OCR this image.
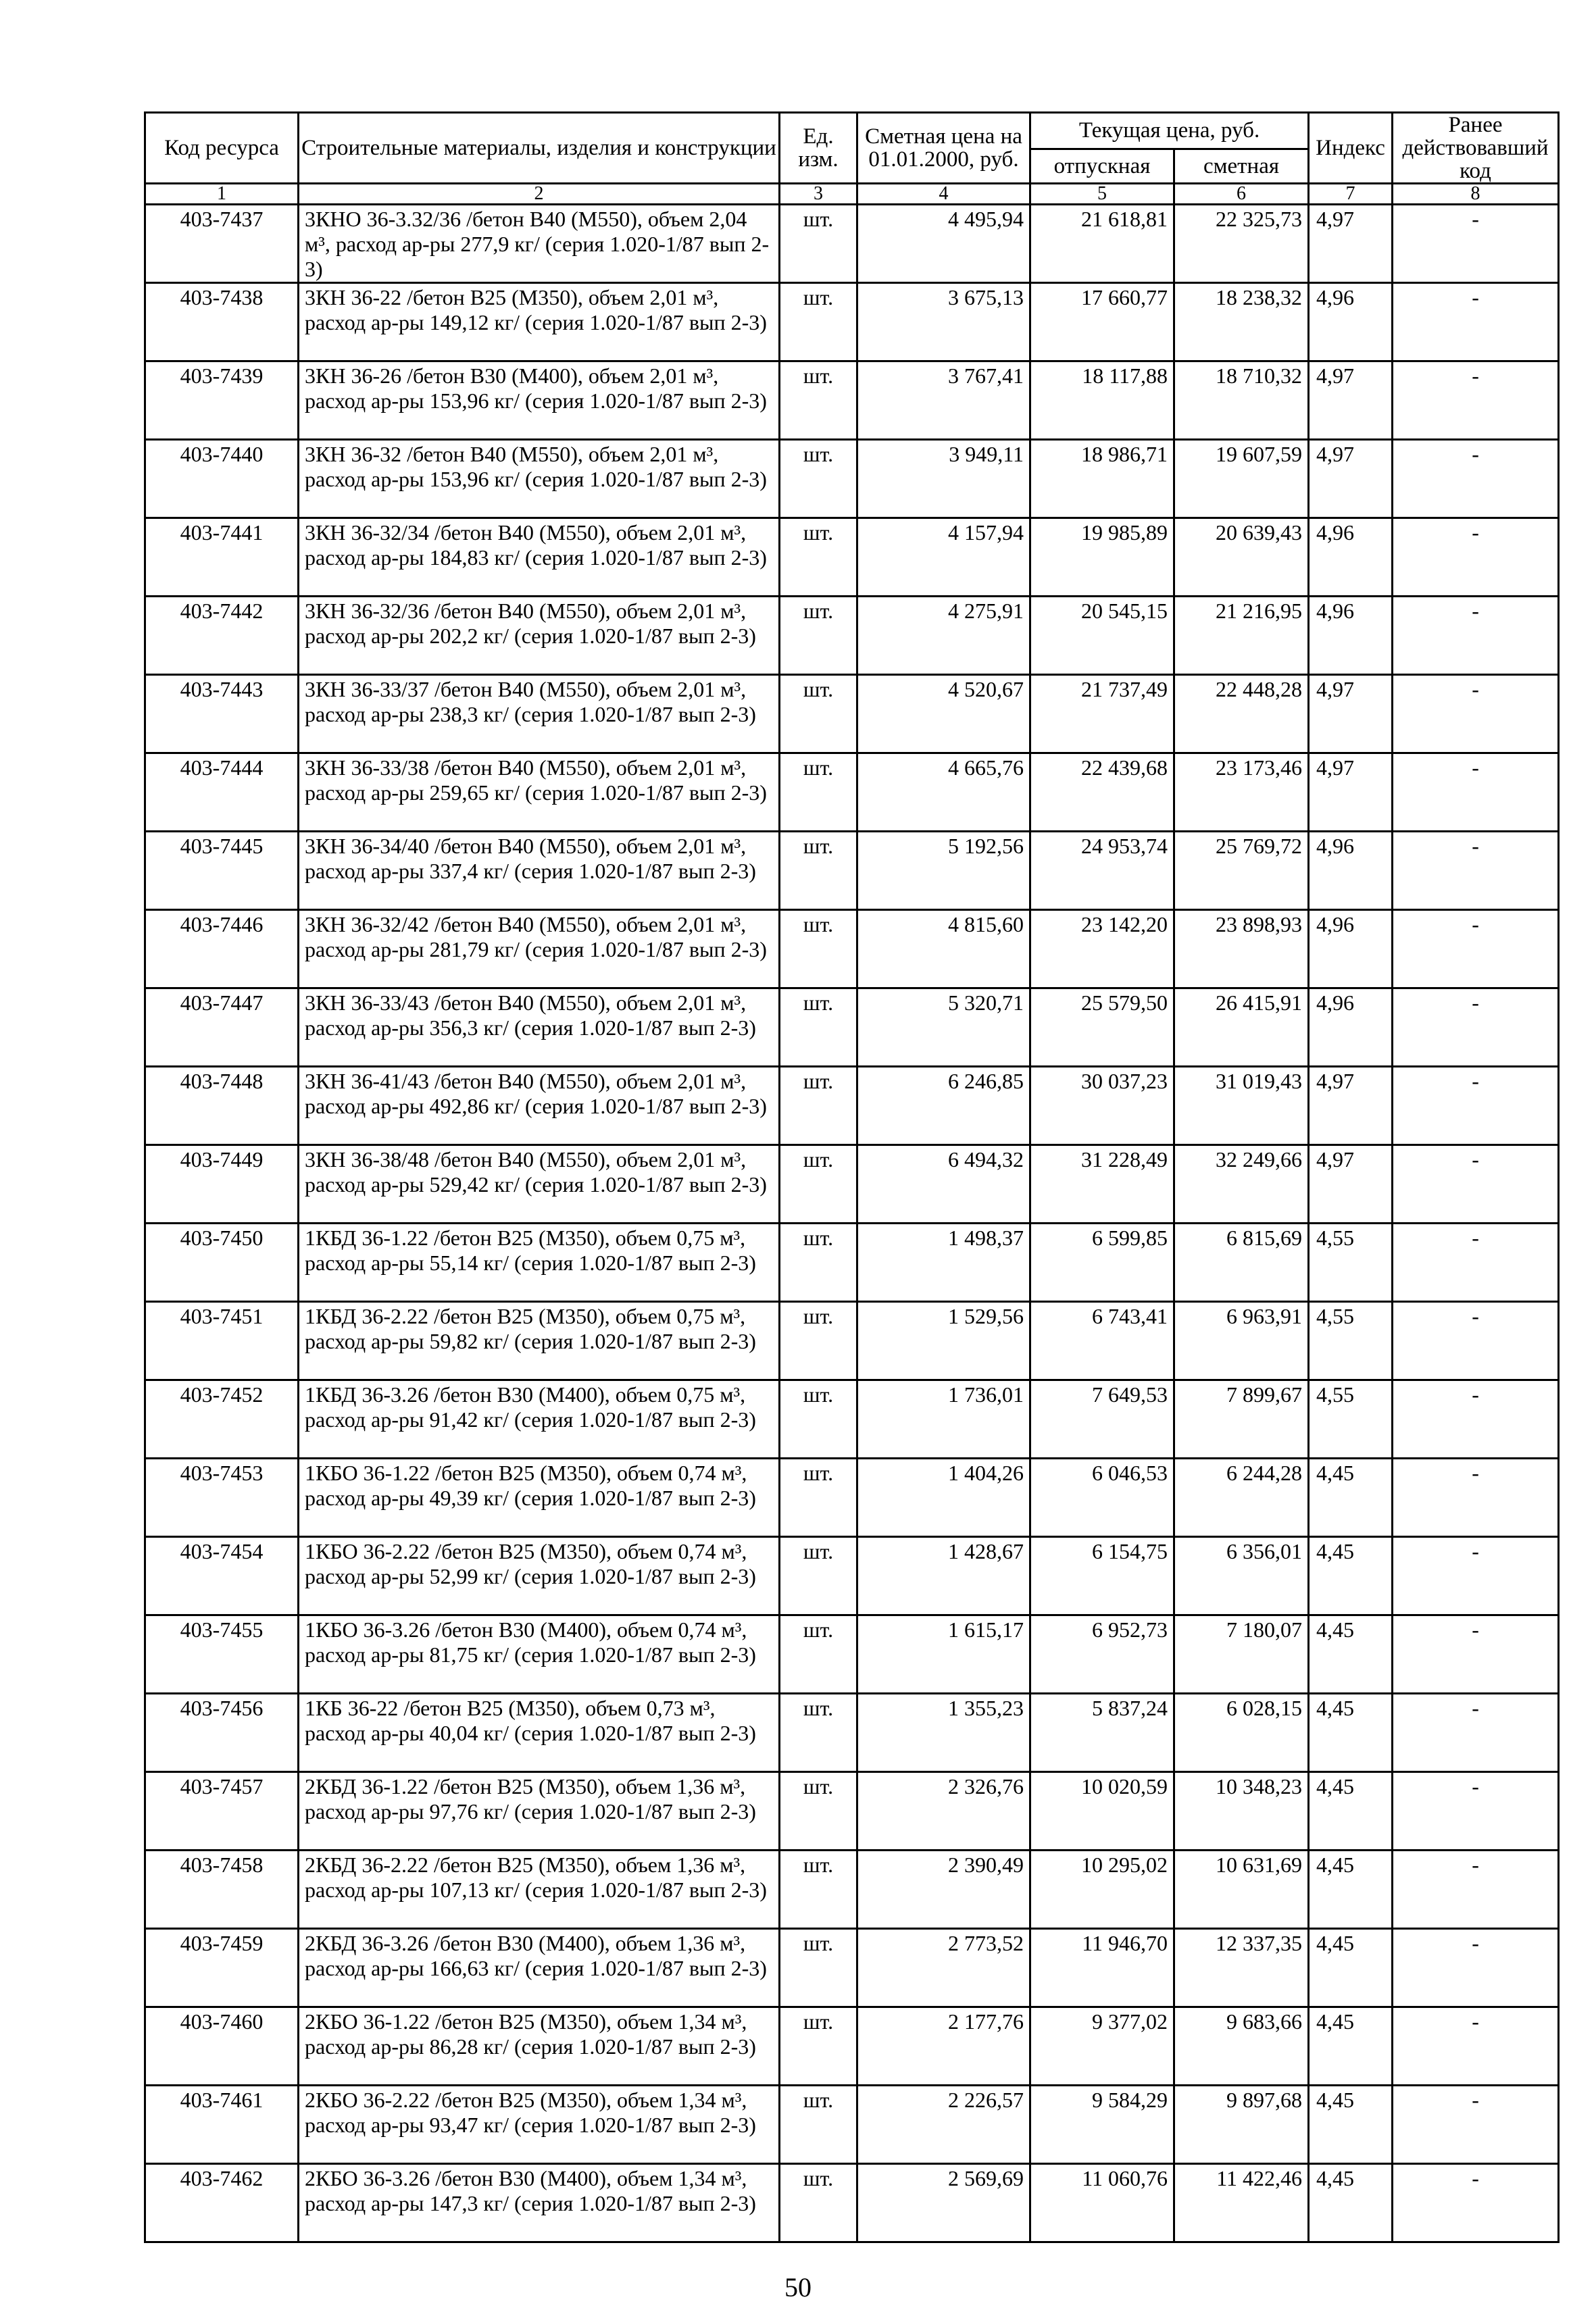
Код ресурса	Строительные материалы, изделия и конструкции	Ед. изм.	Сметная цена на 01.01.2000, руб.	Текущая цена, руб.		Индекс	Ранее действовавший код
				отпускная	сметная		
1	2	3	4	5	6	7	8
403-7437	3КНО 36-3.32/36 /бетон В40 (М550), объем 2,04 м³, расход ар-ры 277,9 кг/ (серия 1.020-1/87 вып 2-3)	шт.	4 495,94	21 618,81	22 325,73	4,97	-
403-7438	3КН 36-22 /бетон В25 (М350), объем 2,01 м³, расход ар-ры 149,12 кг/ (серия 1.020-1/87 вып 2-3)	шт.	3 675,13	17 660,77	18 238,32	4,96	-
403-7439	3КН 36-26 /бетон В30 (М400), объем 2,01 м³, расход ар-ры 153,96 кг/ (серия 1.020-1/87 вып 2-3)	шт.	3 767,41	18 117,88	18 710,32	4,97	-
403-7440	3КН 36-32 /бетон В40 (М550), объем 2,01 м³, расход ар-ры 153,96 кг/ (серия 1.020-1/87 вып 2-3)	шт.	3 949,11	18 986,71	19 607,59	4,97	-
403-7441	3КН 36-32/34 /бетон В40 (М550), объем 2,01 м³, расход ар-ры 184,83 кг/ (серия 1.020-1/87 вып 2-3)	шт.	4 157,94	19 985,89	20 639,43	4,96	-
403-7442	3КН 36-32/36 /бетон В40 (М550), объем 2,01 м³, расход ар-ры 202,2 кг/ (серия 1.020-1/87 вып 2-3)	шт.	4 275,91	20 545,15	21 216,95	4,96	-
403-7443	3КН 36-33/37 /бетон В40 (М550), объем 2,01 м³, расход ар-ры 238,3 кг/ (серия 1.020-1/87 вып 2-3)	шт.	4 520,67	21 737,49	22 448,28	4,97	-
403-7444	3КН 36-33/38 /бетон В40 (М550), объем 2,01 м³, расход ар-ры 259,65 кг/ (серия 1.020-1/87 вып 2-3)	шт.	4 665,76	22 439,68	23 173,46	4,97	-
403-7445	3КН 36-34/40 /бетон В40 (М550), объем 2,01 м³, расход ар-ры 337,4 кг/ (серия 1.020-1/87 вып 2-3)	шт.	5 192,56	24 953,74	25 769,72	4,96	-
403-7446	3КН 36-32/42 /бетон В40 (М550), объем 2,01 м³, расход ар-ры 281,79 кг/ (серия 1.020-1/87 вып 2-3)	шт.	4 815,60	23 142,20	23 898,93	4,96	-
403-7447	3КН 36-33/43 /бетон В40 (М550), объем 2,01 м³, расход ар-ры 356,3 кг/ (серия 1.020-1/87 вып 2-3)	шт.	5 320,71	25 579,50	26 415,91	4,96	-
403-7448	3КН 36-41/43 /бетон В40 (М550), объем 2,01 м³, расход ар-ры 492,86 кг/ (серия 1.020-1/87 вып 2-3)	шт.	6 246,85	30 037,23	31 019,43	4,97	-
403-7449	3КН 36-38/48 /бетон В40 (М550), объем 2,01 м³, расход ар-ры 529,42 кг/ (серия 1.020-1/87 вып 2-3)	шт.	6 494,32	31 228,49	32 249,66	4,97	-
403-7450	1КБД 36-1.22 /бетон В25 (М350), объем 0,75 м³, расход ар-ры 55,14 кг/ (серия 1.020-1/87 вып 2-3)	шт.	1 498,37	6 599,85	6 815,69	4,55	-
403-7451	1КБД 36-2.22 /бетон В25 (М350), объем 0,75 м³, расход ар-ры 59,82 кг/ (серия 1.020-1/87 вып 2-3)	шт.	1 529,56	6 743,41	6 963,91	4,55	-
403-7452	1КБД 36-3.26 /бетон В30 (М400), объем 0,75 м³, расход ар-ры 91,42 кг/ (серия 1.020-1/87 вып 2-3)	шт.	1 736,01	7 649,53	7 899,67	4,55	-
403-7453	1КБО 36-1.22 /бетон В25 (М350), объем 0,74 м³, расход ар-ры 49,39 кг/ (серия 1.020-1/87 вып 2-3)	шт.	1 404,26	6 046,53	6 244,28	4,45	-
403-7454	1КБО 36-2.22 /бетон В25 (М350), объем 0,74 м³, расход ар-ры 52,99 кг/ (серия 1.020-1/87 вып 2-3)	шт.	1 428,67	6 154,75	6 356,01	4,45	-
403-7455	1КБО 36-3.26 /бетон В30 (М400), объем 0,74 м³, расход ар-ры 81,75 кг/ (серия 1.020-1/87 вып 2-3)	шт.	1 615,17	6 952,73	7 180,07	4,45	-
403-7456	1КБ 36-22 /бетон В25 (М350), объем 0,73 м³, расход ар-ры 40,04 кг/ (серия 1.020-1/87 вып 2-3)	шт.	1 355,23	5 837,24	6 028,15	4,45	-
403-7457	2КБД 36-1.22 /бетон В25 (М350), объем 1,36 м³, расход ар-ры 97,76 кг/ (серия 1.020-1/87 вып 2-3)	шт.	2 326,76	10 020,59	10 348,23	4,45	-
403-7458	2КБД 36-2.22 /бетон В25 (М350), объем 1,36 м³, расход ар-ры 107,13 кг/ (серия 1.020-1/87 вып 2-3)	шт.	2 390,49	10 295,02	10 631,69	4,45	-
403-7459	2КБД 36-3.26 /бетон В30 (М400), объем 1,36 м³, расход ар-ры 166,63 кг/ (серия 1.020-1/87 вып 2-3)	шт.	2 773,52	11 946,70	12 337,35	4,45	-
403-7460	2КБО 36-1.22 /бетон В25 (М350), объем 1,34 м³, расход ар-ры 86,28 кг/ (серия 1.020-1/87 вып 2-3)	шт.	2 177,76	9 377,02	9 683,66	4,45	-
403-7461	2КБО 36-2.22 /бетон В25 (М350), объем 1,34 м³, расход ар-ры 93,47 кг/ (серия 1.020-1/87 вып 2-3)	шт.	2 226,57	9 584,29	9 897,68	4,45	-
403-7462	2КБО 36-3.26 /бетон В30 (М400), объем 1,34 м³, расход ар-ры 147,3 кг/ (серия 1.020-1/87 вып 2-3)	шт.	2 569,69	11 060,76	11 422,46	4,45	-
50
